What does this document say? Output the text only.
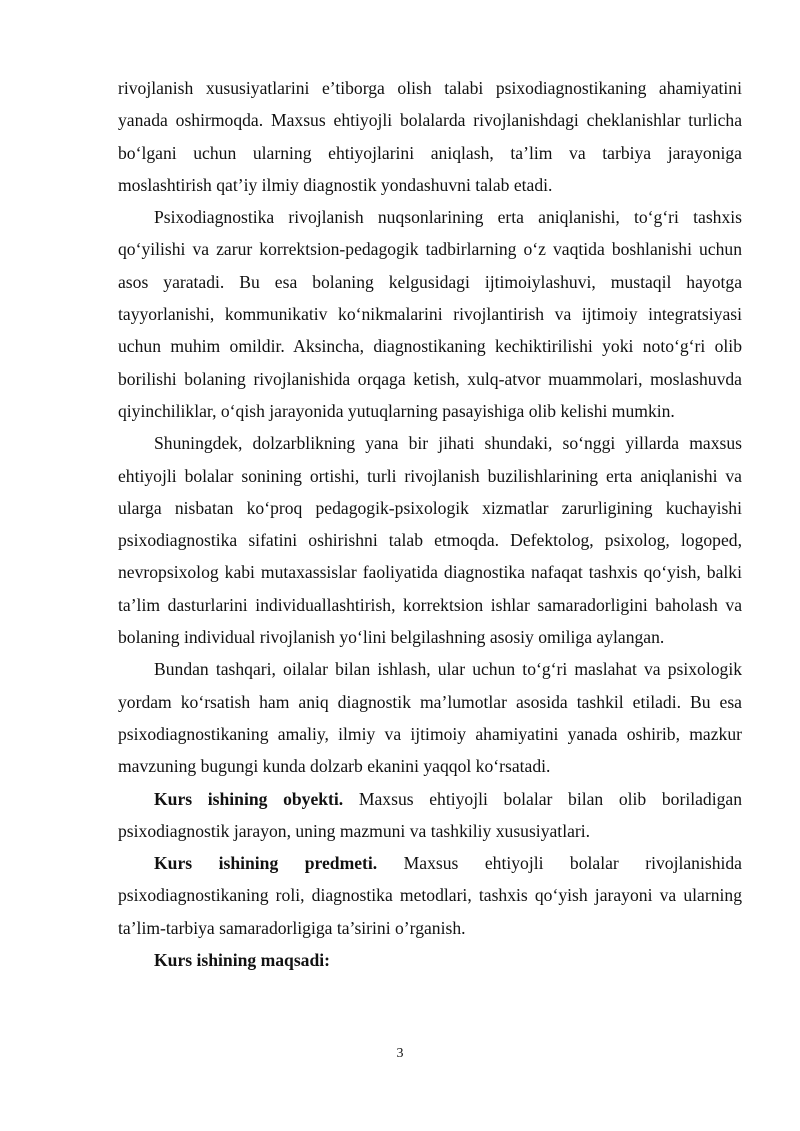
rivojlanish xususiyatlarini e’tiborga olish talabi psixodiagnostikaning ahamiyatini yanada oshirmoqda. Maxsus ehtiyojli bolalarda rivojlanishdagi cheklanishlar turlicha bo‘lgani uchun ularning ehtiyojlarini aniqlash, ta’lim va tarbiya jarayoniga moslashtirish qat’iy ilmiy diagnostik yondashuvni talab etadi.

Psixodiagnostika rivojlanish nuqsonlarining erta aniqlanishi, to‘g‘ri tashxis qo‘yilishi va zarur korrektsion-pedagogik tadbirlarning o‘z vaqtida boshlanishi uchun asos yaratadi. Bu esa bolaning kelgusidagi ijtimoiylashuvi, mustaqil hayotga tayyorlanishi, kommunikativ ko‘nikmalarini rivojlantirish va ijtimoiy integratsiyasi uchun muhim omildir. Aksincha, diagnostikaning kechiktirilishi yoki noto‘g‘ri olib borilishi bolaning rivojlanishida orqaga ketish, xulq-atvor muammolari, moslashuvda qiyinchiliklar, o‘qish jarayonida yutuqlarning pasayishiga olib kelishi mumkin.

Shuningdek, dolzarblikning yana bir jihati shundaki, so‘nggi yillarda maxsus ehtiyojli bolalar sonining ortishi, turli rivojlanish buzilishlarining erta aniqlanishi va ularga nisbatan ko‘proq pedagogik-psixologik xizmatlar zarurligining kuchayishi psixodiagnostika sifatini oshirishni talab etmoqda. Defektolog, psixolog, logoped, nevropsixolog kabi mutaxassislar faoliyatida diagnostika nafaqat tashxis qo‘yish, balki ta’lim dasturlarini individuallashtirish, korrektsion ishlar samaradorligini baholash va bolaning individual rivojlanish yo‘lini belgilashning asosiy omiliga aylangan.

Bundan tashqari, oilalar bilan ishlash, ular uchun to‘g‘ri maslahat va psixologik yordam ko‘rsatish ham aniq diagnostik ma’lumotlar asosida tashkil etiladi. Bu esa psixodiagnostikaning amaliy, ilmiy va ijtimoiy ahamiyatini yanada oshirib, mazkur mavzuning bugungi kunda dolzarb ekanini yaqqol ko‘rsatadi.

Kurs ishining obyekti. Maxsus ehtiyojli bolalar bilan olib boriladigan psixodiagnostik jarayon, uning mazmuni va tashkiliy xususiyatlari.

Kurs ishining predmeti. Maxsus ehtiyojli bolalar rivojlanishida psixodiagnostikaning roli, diagnostika metodlari, tashxis qo‘yish jarayoni va ularning ta’lim-tarbiya samaradorligiga ta’sirini o’rganish.

Kurs ishining maqsadi:

3
